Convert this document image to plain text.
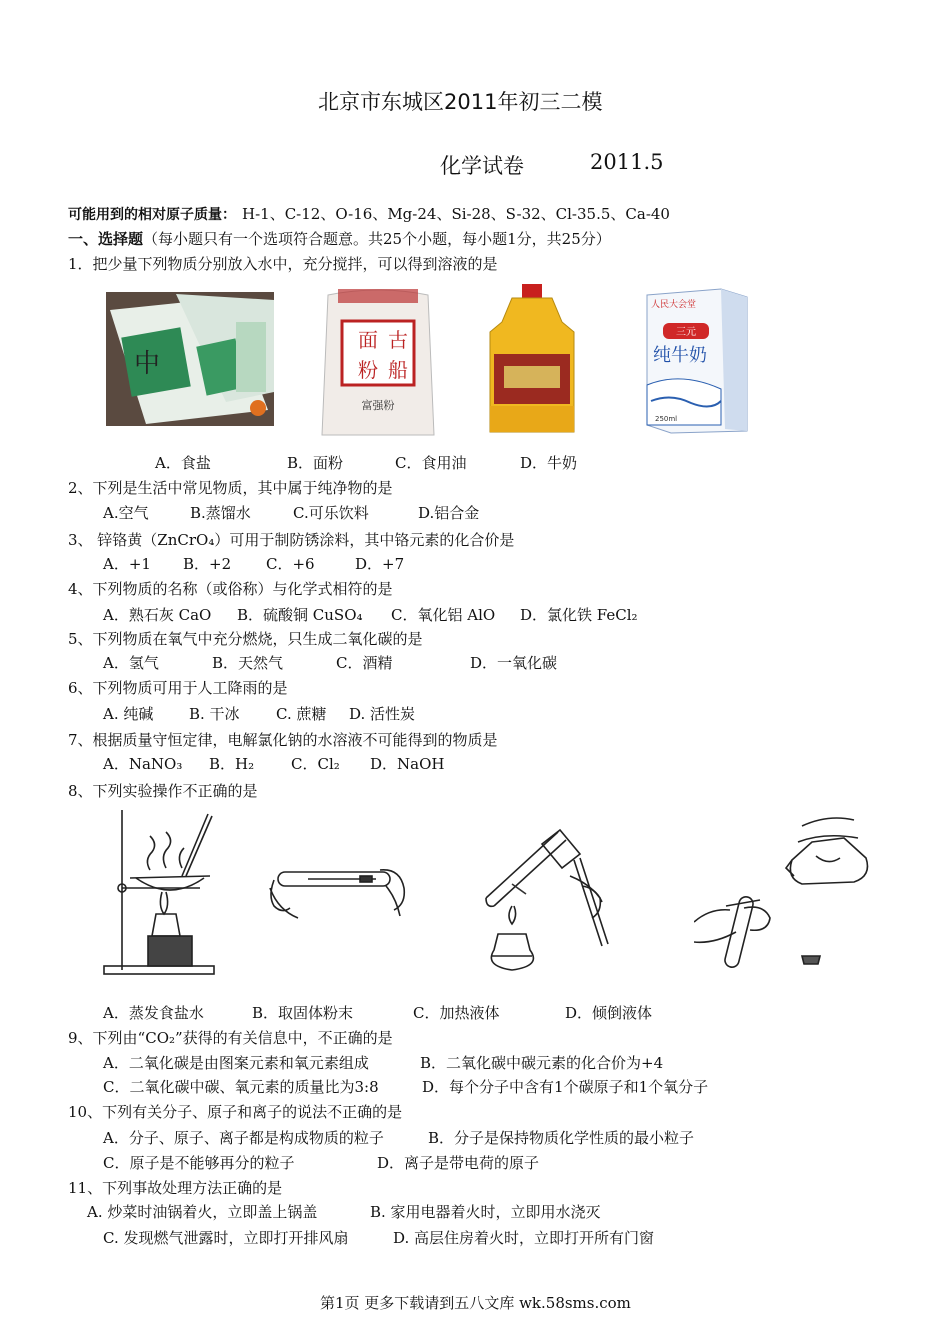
北京市东城区2011年初三二模
化学试卷	2011.5
可能用到的相对原子质量： H-1、C-12、O-16、Mg-24、Si-28、S-32、Cl-35.5、Ca-40
一、选择题（每小题只有一个选项符合题意。共25个小题，每小题1分，共25分）
1．把少量下列物质分别放入水中，充分搅拌，可以得到溶液的是
中
面 古
粉 船
富强粉
人民大会堂
三元
纯牛奶
250ml
A．食盐	B．面粉	C．食用油	D．牛奶
2、下列是生活中常见物质，其中属于纯净物的是
A.空气	B.蒸馏水	C.可乐饮料	D.铝合金
3、 锌铬黄（ZnCrO₄）可用于制防锈涂料，其中铬元素的化合价是
A．+1 B．+2 C．+6	D．+7
4、下列物质的名称（或俗称）与化学式相符的是
A．熟石灰 CaO B．硫酸铜 CuSO₄ C．氧化铝 AlO D．氯化铁 FeCl₂
5、下列物质在氧气中充分燃烧，只生成二氧化碳的是
A．氢气	B．天然气	C．酒精	D．一氧化碳
6、下列物质可用于人工降雨的是
A. 纯碱 B. 干冰 C. 蔗糖 D. 活性炭
7、根据质量守恒定律，电解氯化钠的水溶液不可能得到的物质是
A．NaNO₃ B．H₂ C．Cl₂ D．NaOH
8、下列实验操作不正确的是
A．蒸发食盐水	B．取固体粉末	C．加热液体	D．倾倒液体
9、下列由“CO₂”获得的有关信息中，不正确的是
A．二氧化碳是由图案元素和氧元素组成	B．二氧化碳中碳元素的化合价为+4
C．二氧化碳中碳、氧元素的质量比为3:8	D．每个分子中含有1个碳原子和1个氧分子
10、下列有关分子、原子和离子的说法不正确的是
A．分子、原子、离子都是构成物质的粒子	B．分子是保持物质化学性质的最小粒子
C．原子是不能够再分的粒子	D．离子是带电荷的原子
11、下列事故处理方法正确的是
A. 炒菜时油锅着火，立即盖上锅盖	B. 家用电器着火时，立即用水浇灭
C. 发现燃气泄露时，立即打开排风扇	D. 高层住房着火时，立即打开所有门窗
第1页 更多下载请到五八文库 wk.58sms.com
